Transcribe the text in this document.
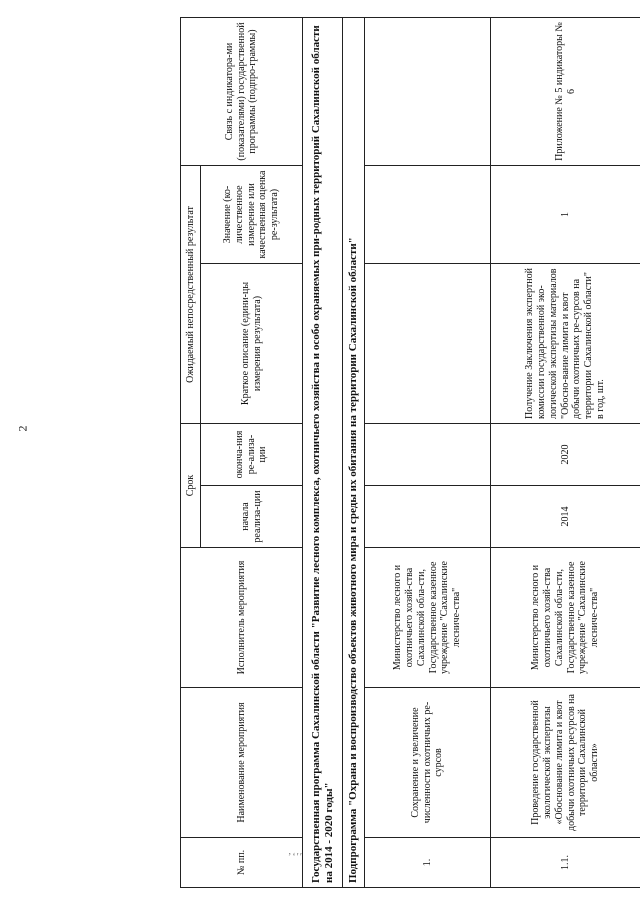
2
№ пп.	Наименование мероприятия	Исполнитель мероприятия	Срок		Ожидаемый непосредственный результат		Связь с индикатора-ми (показателями) государственной программы (подпро-граммы)
			начала реализа-ции	оконча-ния ре-ализа-ции	Краткое описание (едини-цы измерения результата)	Значение (ко-личественное измерение или качественная оценка ре-зультата)	
Государственная программа Сахалинской области "Развитие лесного комплекса, охотничьего хозяйства и особо охраняемых при-родных территорий Сахалинской области на 2014 - 2020 годы"							
Подпрограмма "Охрана и воспроизводство объектов животного мира и среды их обитания на территории Сахалинской области"							
1.	Сохранение и увеличение численности охотничьих ре-сурсов	Министерство лесного и охотничьего хозяй-ства Сахалинской обла-сти, Государственное казенное учреждение "Сахалинские лесниче-ства"					
1.1.	Проведение государственной экологической экспертизы «Обоснование лимита и квот добычи охотничьих ресурсов на территории Сахалинской области»	Министерство лесного и охотничьего хозяй-ства Сахалинской обла-сти, Государственное казенное учреждение "Сахалинские лесниче-ства"	2014	2020	Получение Заключения экспертной комиссии государственной эко-логической экспертизы материалов "Обосно-вание лимита и квот добычи охотничьих ре-сурсов на территории Сахалинской области" в год, шт.	1	Приложение № 5 индикаторы № 6
ʼʻ′ʹ
